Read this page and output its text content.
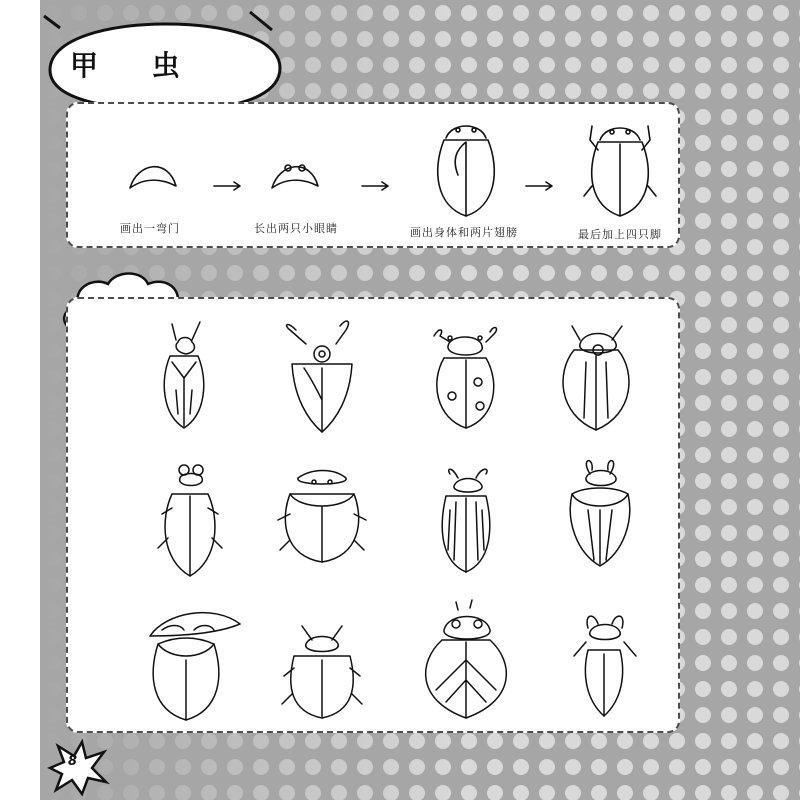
甲 虫
画出一弯门	长出两只小眼睛	画出身体和两片翅膀	最后加上四只脚
8
